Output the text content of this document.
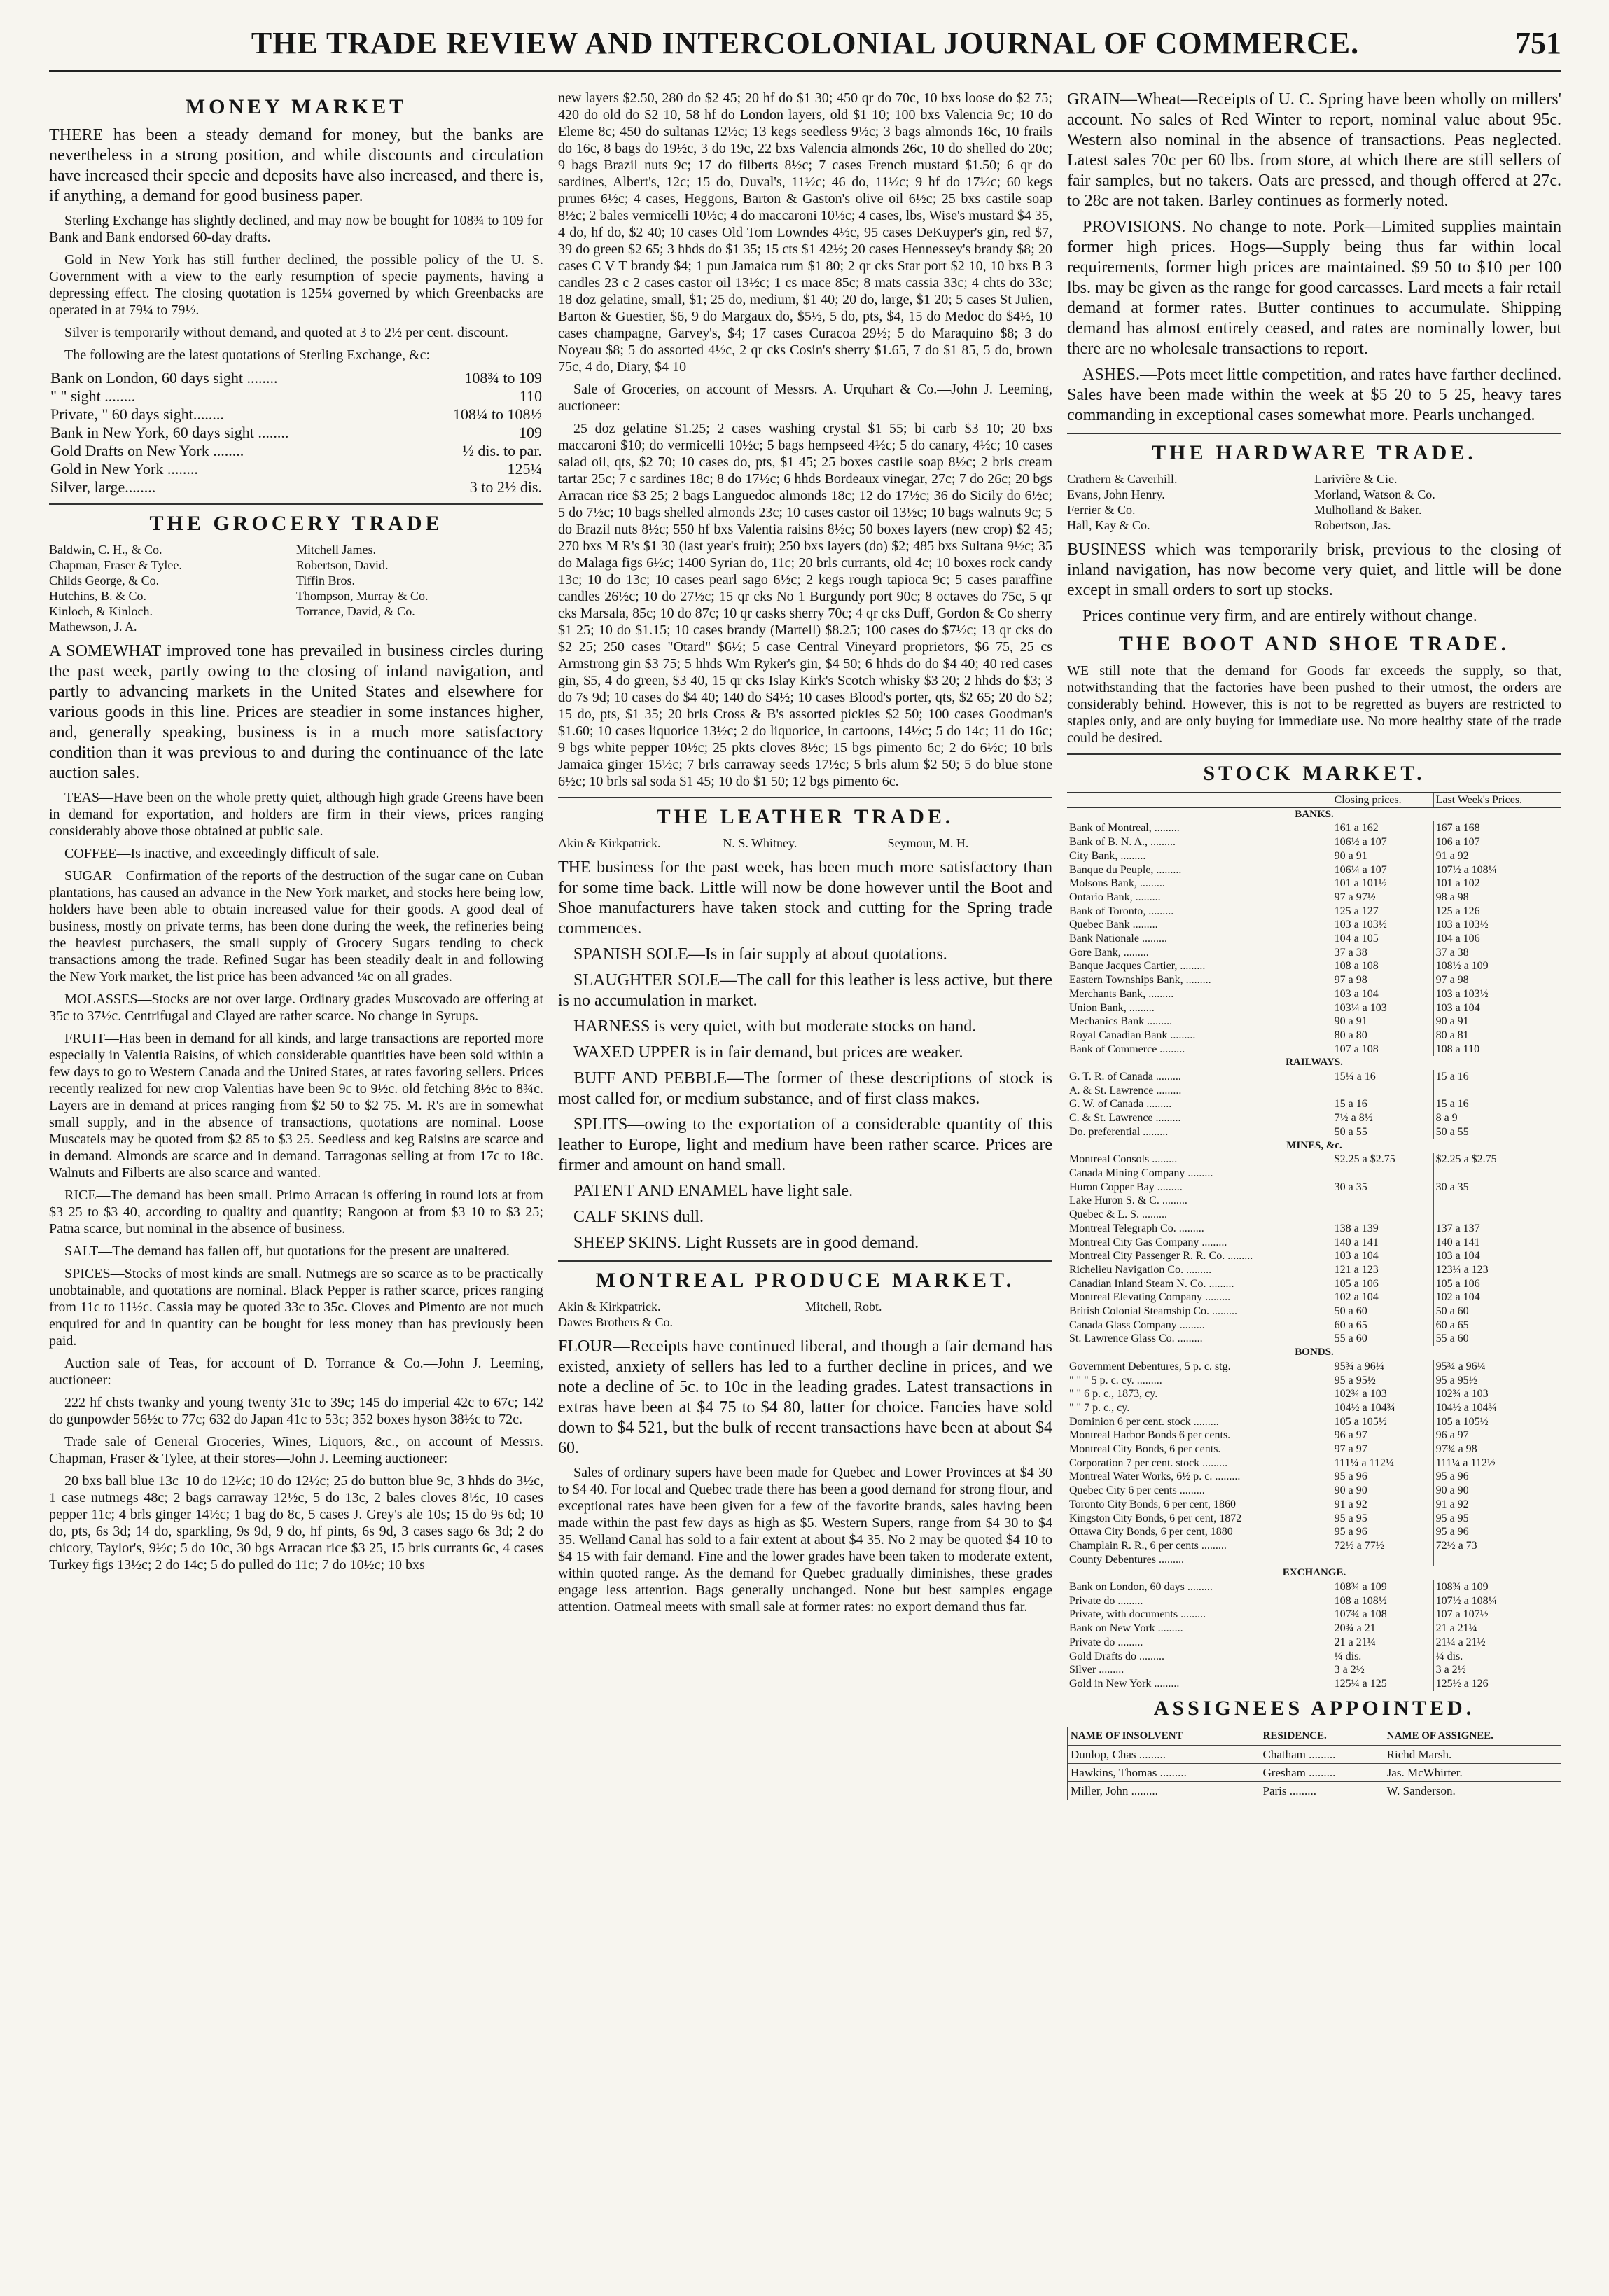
THE TRADE REVIEW AND INTERCOLONIAL JOURNAL OF COMMERCE.	751
MONEY MARKET

THERE has been a steady demand for money, but the banks are nevertheless in a strong position, and while discounts and circulation have increased their specie and deposits have also increased, and there is, if anything, a demand for good business paper.

Sterling Exchange has slightly declined, and may now be bought for 108¾ to 109 for Bank and Bank endorsed 60-day drafts.

Gold in New York has still further declined, the possible policy of the U. S. Government with a view to the early resumption of specie payments, having a depressing effect. The closing quotation is 125¼ governed by which Greenbacks are operated in at 79¼ to 79½.

Silver is temporarily without demand, and quoted at 3 to 2½ per cent. discount.

The following are the latest quotations of Sterling Exchange, &c:—

Bank on London, 60 days sight ........	108¾ to 109
" " sight ........	110
Private, " 60 days sight........	108¼ to 108½
Bank in New York, 60 days sight ........	109
Gold Drafts on New York ........	½ dis. to par.
Gold in New York ........	125¼
Silver, large........	3 to 2½ dis.
THE GROCERY TRADE
Baldwin, C. H., & Co.
Chapman, Fraser & Tylee.
Childs George, & Co.
Hutchins, B. & Co.
Kinloch, & Kinloch.
Mathewson, J. A.
Mitchell James.
Robertson, David.
Tiffin Bros.
Thompson, Murray & Co.
Torrance, David, & Co.

A SOMEWHAT improved tone has prevailed in business circles during the past week, partly owing to the closing of inland navigation, and partly to advancing markets in the United States and elsewhere for various goods in this line. Prices are steadier in some instances higher, and, generally speaking, business is in a much more satisfactory condition than it was previous to and during the continuance of the late auction sales.

TEAS—Have been on the whole pretty quiet, although high grade Greens have been in demand for exportation, and holders are firm in their views, prices ranging considerably above those obtained at public sale.

COFFEE—Is inactive, and exceedingly difficult of sale.

SUGAR—Confirmation of the reports of the destruction of the sugar cane on Cuban plantations, has caused an advance in the New York market, and stocks here being low, holders have been able to obtain increased value for their goods. A good deal of business, mostly on private terms, has been done during the week, the refineries being the heaviest purchasers, the small supply of Grocery Sugars tending to check transactions among the trade. Refined Sugar has been steadily dealt in and following the New York market, the list price has been advanced ¼c on all grades.

MOLASSES—Stocks are not over large. Ordinary grades Muscovado are offering at 35c to 37½c. Centrifugal and Clayed are rather scarce. No change in Syrups.

FRUIT—Has been in demand for all kinds, and large transactions are reported more especially in Valentia Raisins, of which considerable quantities have been sold within a few days to go to Western Canada and the United States, at rates favoring sellers. Prices recently realized for new crop Valentias have been 9c to 9½c. old fetching 8½c to 8¾c. Layers are in demand at prices ranging from $2 50 to $2 75. M. R's are in somewhat small supply, and in the absence of transactions, quotations are nominal. Loose Muscatels may be quoted from $2 85 to $3 25. Seedless and keg Raisins are scarce and in demand. Almonds are scarce and in demand. Tarragonas selling at from 17c to 18c. Walnuts and Filberts are also scarce and wanted.

RICE—The demand has been small. Primo Arracan is offering in round lots at from $3 25 to $3 40, according to quality and quantity; Rangoon at from $3 10 to $3 25; Patna scarce, but nominal in the absence of business.

SALT—The demand has fallen off, but quotations for the present are unaltered.

SPICES—Stocks of most kinds are small. Nutmegs are so scarce as to be practically unobtainable, and quotations are nominal. Black Pepper is rather scarce, prices ranging from 11c to 11½c. Cassia may be quoted 33c to 35c. Cloves and Pimento are not much enquired for and in quantity can be bought for less money than has previously been paid.

Auction sale of Teas, for account of D. Torrance & Co.—John J. Leeming, auctioneer:

222 hf chsts twanky and young twenty 31c to 39c; 145 do imperial 42c to 67c; 142 do gunpowder 56½c to 77c; 632 do Japan 41c to 53c; 352 boxes hyson 38½c to 72c.

Trade sale of General Groceries, Wines, Liquors, &c., on account of Messrs. Chapman, Fraser & Tylee, at their stores—John J. Leeming auctioneer:

20 bxs ball blue 13c–10 do 12½c; 10 do 12½c; 25 do button blue 9c, 3 hhds do 3½c, 1 case nutmegs 48c; 2 bags carraway 12½c, 5 do 13c, 2 bales cloves 8½c, 10 cases pepper 11c; 4 brls ginger 14½c; 1 bag do 8c, 5 cases J. Grey's ale 10s; 15 do 9s 6d; 10 do, pts, 6s 3d; 14 do, sparkling, 9s 9d, 9 do, hf pints, 6s 9d, 3 cases sago 6s 3d; 2 do chicory, Taylor's, 9½c; 5 do 10c, 30 bgs Arracan rice $3 25, 15 brls currants 6c, 4 cases Turkey figs 13½c; 2 do 14c; 5 do pulled do 11c; 7 do 10½c; 10 bxs

new layers $2.50, 280 do $2 45; 20 hf do $1 30; 450 qr do 70c, 10 bxs loose do $2 75; 420 do old do $2 10, 58 hf do London layers, old $1 10; 100 bxs Valencia 9c; 10 do Eleme 8c; 450 do sultanas 12½c; 13 kegs seedless 9½c; 3 bags almonds 16c, 10 frails do 16c, 8 bags do 19½c, 3 do 19c, 22 bxs Valencia almonds 26c, 10 do shelled do 20c; 9 bags Brazil nuts 9c; 17 do filberts 8½c; 7 cases French mustard $1.50; 6 qr do sardines, Albert's, 12c; 15 do, Duval's, 11½c; 46 do, 11½c; 9 hf do 17½c; 60 kegs prunes 6½c; 4 cases, Heggons, Barton & Gaston's olive oil 6½c; 25 bxs castile soap 8½c; 2 bales vermicelli 10½c; 4 do maccaroni 10½c; 4 cases, lbs, Wise's mustard $4 35, 4 do, hf do, $2 40; 10 cases Old Tom Lowndes 4½c, 95 cases DeKuyper's gin, red $7, 39 do green $2 65; 3 hhds do $1 35; 15 cts $1 42½; 20 cases Hennessey's brandy $8; 20 cases C V T brandy $4; 1 pun Jamaica rum $1 80; 2 qr cks Star port $2 10, 10 bxs B 3 candles 23 c 2 cases castor oil 13½c; 1 cs mace 85c; 8 mats cassia 33c; 4 chts do 33c; 18 doz gelatine, small, $1; 25 do, medium, $1 40; 20 do, large, $1 20; 5 cases St Julien, Barton & Guestier, $6, 9 do Margaux do, $5½, 5 do, pts, $4, 15 do Medoc do $4½, 10 cases champagne, Garvey's, $4; 17 cases Curacoa 29½; 5 do Maraquino $8; 3 do Noyeau $8; 5 do assorted 4½c, 2 qr cks Cosin's sherry $1.65, 7 do $1 85, 5 do, brown 75c, 4 do, Diary, $4 10

Sale of Groceries, on account of Messrs. A. Urquhart & Co.—John J. Leeming, auctioneer:

25 doz gelatine $1.25; 2 cases washing crystal $1 55; bi carb $3 10; 20 bxs maccaroni $10; do vermicelli 10½c; 5 bags hempseed 4½c; 5 do canary, 4½c; 10 cases salad oil, qts, $2 70; 10 cases do, pts, $1 45; 25 boxes castile soap 8½c; 2 brls cream tartar 25c; 7 c sardines 18c; 8 do 17½c; 6 hhds Bordeaux vinegar, 27c; 7 do 26c; 20 bgs Arracan rice $3 25; 2 bags Languedoc almonds 18c; 12 do 17½c; 36 do Sicily do 6½c; 5 do 7½c; 10 bags shelled almonds 23c; 10 cases castor oil 13½c; 10 bags walnuts 9c; 5 do Brazil nuts 8½c; 550 hf bxs Valentia raisins 8½c; 50 boxes layers (new crop) $2 45; 270 bxs M R's $1 30 (last year's fruit); 250 bxs layers (do) $2; 485 bxs Sultana 9½c; 35 do Malaga figs 6½c; 1400 Syrian do, 11c; 20 brls currants, old 4c; 10 boxes rock candy 13c; 10 do 13c; 10 cases pearl sago 6½c; 2 kegs rough tapioca 9c; 5 cases paraffine candles 26½c; 10 do 27½c; 15 qr cks No 1 Burgundy port 90c; 8 octaves do 75c, 5 qr cks Marsala, 85c; 10 do 87c; 10 qr casks sherry 70c; 4 qr cks Duff, Gordon & Co sherry $1 25; 10 do $1.15; 10 cases brandy (Martell) $8.25; 100 cases do $7½c; 13 qr cks do $2 25; 250 cases "Otard" $6½; 5 case Central Vineyard proprietors, $6 75, 25 cs Armstrong gin $3 75; 5 hhds Wm Ryker's gin, $4 50; 6 hhds do do $4 40; 40 red cases gin, $5, 4 do green, $3 40, 15 qr cks Islay Kirk's Scotch whisky $3 20; 2 hhds do $3; 3 do 7s 9d; 10 cases do $4 40; 140 do $4½; 10 cases Blood's porter, qts, $2 65; 20 do $2; 15 do, pts, $1 35; 20 brls Cross & B's assorted pickles $2 50; 100 cases Goodman's $1.60; 10 cases liquorice 13½c; 2 do liquorice, in cartoons, 14½c; 5 do 14c; 11 do 16c; 9 bgs white pepper 10½c; 25 pkts cloves 8½c; 15 bgs pimento 6c; 2 do 6½c; 10 brls Jamaica ginger 15½c; 7 brls carraway seeds 17½c; 5 brls alum $2 50; 5 do blue stone 6½c; 10 brls sal soda $1 45; 10 do $1 50; 12 bgs pimento 6c.

THE LEATHER TRADE.
Akin & Kirkpatrick.	N. S. Whitney.	Seymour, M. H.

THE business for the past week, has been much more satisfactory than for some time back. Little will now be done however until the Boot and Shoe manufacturers have taken stock and cutting for the Spring trade commences.

SPANISH SOLE—Is in fair supply at about quotations.

SLAUGHTER SOLE—The call for this leather is less active, but there is no accumulation in market.

HARNESS is very quiet, with but moderate stocks on hand.

WAXED UPPER is in fair demand, but prices are weaker.

BUFF AND PEBBLE—The former of these descriptions of stock is most called for, or medium substance, and of first class makes.

SPLITS—owing to the exportation of a considerable quantity of this leather to Europe, light and medium have been rather scarce. Prices are firmer and amount on hand small.

PATENT AND ENAMEL have light sale.

CALF SKINS dull.

SHEEP SKINS. Light Russets are in good demand.

MONTREAL PRODUCE MARKET.
Akin & Kirkpatrick.
Dawes Brothers & Co.
Mitchell, Robt.

FLOUR—Receipts have continued liberal, and though a fair demand has existed, anxiety of sellers has led to a further decline in prices, and we note a decline of 5c. to 10c in the leading grades. Latest transactions in extras have been at $4 75 to $4 80, latter for choice. Fancies have sold down to $4 521, but the bulk of recent transactions have been at about $4 60.

Sales of ordinary supers have been made for Quebec and Lower Provinces at $4 30 to $4 40. For local and Quebec trade there has been a good demand for strong flour, and exceptional rates have been given for a few of the favorite brands, sales having been made within the past few days as high as $5. Western Supers, range from $4 30 to $4 35. Welland Canal has sold to a fair extent at about $4 35. No 2 may be quoted $4 10 to $4 15 with fair demand. Fine and the lower grades have been taken to moderate extent, within quoted range. As the demand for Quebec gradually diminishes, these grades engage less attention. Bags generally unchanged. None but best samples engage attention. Oatmeal meets with small sale at former rates: no export demand thus far.

GRAIN—Wheat—Receipts of U. C. Spring have been wholly on millers' account. No sales of Red Winter to report, nominal value about 95c. Western also nominal in the absence of transactions. Peas neglected. Latest sales 70c per 60 lbs. from store, at which there are still sellers of fair samples, but no takers. Oats are pressed, and though offered at 27c. to 28c are not taken. Barley continues as formerly noted.

PROVISIONS. No change to note. Pork—Limited supplies maintain former high prices. Hogs—Supply being thus far within local requirements, former high prices are maintained. $9 50 to $10 per 100 lbs. may be given as the range for good carcasses. Lard meets a fair retail demand at former rates. Butter continues to accumulate. Shipping demand has almost entirely ceased, and rates are nominally lower, but there are no wholesale transactions to report.

ASHES.—Pots meet little competition, and rates have farther declined. Sales have been made within the week at $5 20 to 5 25, heavy tares commanding in exceptional cases somewhat more. Pearls unchanged.

THE HARDWARE TRADE.
Crathern & Caverhill.
Evans, John Henry.
Ferrier & Co.
Hall, Kay & Co.
Larivière & Cie.
Morland, Watson & Co.
Mulholland & Baker.
Robertson, Jas.

BUSINESS which was temporarily brisk, previous to the closing of inland navigation, has now become very quiet, and little will be done except in small orders to sort up stocks.

Prices continue very firm, and are entirely without change.

THE BOOT AND SHOE TRADE.

WE still note that the demand for Goods far exceeds the supply, so that, notwithstanding that the factories have been pushed to their utmost, the orders are considerably behind. However, this is not to be regretted as buyers are restricted to staples only, and are only buying for immediate use. No more healthy state of the trade could be desired.

STOCK MARKET.
	Closing prices.	Last Week's Prices.
BANKS.		
Bank of Montreal, .........	161 a 162	167 a 168
Bank of B. N. A., .........	106½ a 107	106 a 107
City Bank, .........	90 a 91	91 a 92
Banque du Peuple, .........	106¼ a 107	107½ a 108¼
Molsons Bank, .........	101 a 101½	101 a 102
Ontario Bank, .........	97 a 97½	98 a 98
Bank of Toronto, .........	125 a 127	125 a 126
Quebec Bank .........	103 a 103½	103 a 103½
Bank Nationale .........	104 a 105	104 a 106
Gore Bank, .........	37 a 38	37 a 38
Banque Jacques Cartier, .........	108 a 108	108½ a 109
Eastern Townships Bank, .........	97 a 98	97 a 98
Merchants Bank, .........	103 a 104	103 a 103½
Union Bank, .........	103¼ a 103	103 a 104
Mechanics Bank .........	90 a 91	90 a 91
Royal Canadian Bank .........	80 a 80	80 a 81
Bank of Commerce .........	107 a 108	108 a 110
RAILWAYS.		
G. T. R. of Canada .........	15¼ a 16	15 a 16
A. & St. Lawrence .........		
G. W. of Canada .........	15 a 16	15 a 16
C. & St. Lawrence .........	7½ a 8½	8 a 9
Do. preferential .........	50 a 55	50 a 55
MINES, &c.		
Montreal Consols .........	$2.25 a $2.75	$2.25 a $2.75
Canada Mining Company .........		
Huron Copper Bay .........	30 a 35	30 a 35
Lake Huron S. & C. .........		
Quebec & L. S. .........		
Montreal Telegraph Co. .........	138 a 139	137 a 137
Montreal City Gas Company .........	140 a 141	140 a 141
Montreal City Passenger R. R. Co. .........	103 a 104	103 a 104
Richelieu Navigation Co. .........	121 a 123	123¼ a 123
Canadian Inland Steam N. Co. .........	105 a 106	105 a 106
Montreal Elevating Company .........	102 a 104	102 a 104
British Colonial Steamship Co. .........	50 a 60	50 a 60
Canada Glass Company .........	60 a 65	60 a 65
St. Lawrence Glass Co. .........	55 a 60	55 a 60
BONDS.		
Government Debentures, 5 p. c. stg.	95¾ a 96¼	95¾ a 96¼
" " " 5 p. c. cy. .........	95 a 95½	95 a 95½
" " 6 p. c., 1873, cy.	102¾ a 103	102¾ a 103
" " 7 p. c., cy.	104½ a 104¾	104½ a 104¾
Dominion 6 per cent. stock .........	105 a 105½	105 a 105½
Montreal Harbor Bonds 6 per cents.	96 a 97	96 a 97
Montreal City Bonds, 6 per cents.	97 a 97	97¾ a 98
Corporation 7 per cent. stock .........	111¼ a 112¼	111¼ a 112½
Montreal Water Works, 6½ p. c. .........	95 a 96	95 a 96
Quebec City 6 per cents .........	90 a 90	90 a 90
Toronto City Bonds, 6 per cent, 1860	91 a 92	91 a 92
Kingston City Bonds, 6 per cent, 1872	95 a 95	95 a 95
Ottawa City Bonds, 6 per cent, 1880	95 a 96	95 a 96
Champlain R. R., 6 per cents .........	72½ a 77½	72½ a 73
County Debentures .........		
EXCHANGE.		
Bank on London, 60 days .........	108¾ a 109	108¾ a 109
Private do .........	108 a 108½	107½ a 108¼
Private, with documents .........	107¾ a 108	107 a 107½
Bank on New York .........	20¾ a 21	21 a 21¼
Private do .........	21 a 21¼	21¼ a 21½
Gold Drafts do .........	¼ dis.	¼ dis.
Silver .........	3 a 2½	3 a 2½
Gold in New York .........	125¼ a 125	125½ a 126
ASSIGNEES APPOINTED.
NAME OF INSOLVENT	RESIDENCE.	NAME OF ASSIGNEE.
Dunlop, Chas .........	Chatham .........	Richd Marsh.
Hawkins, Thomas .........	Gresham .........	Jas. McWhirter.
Miller, John .........	Paris .........	W. Sanderson.
